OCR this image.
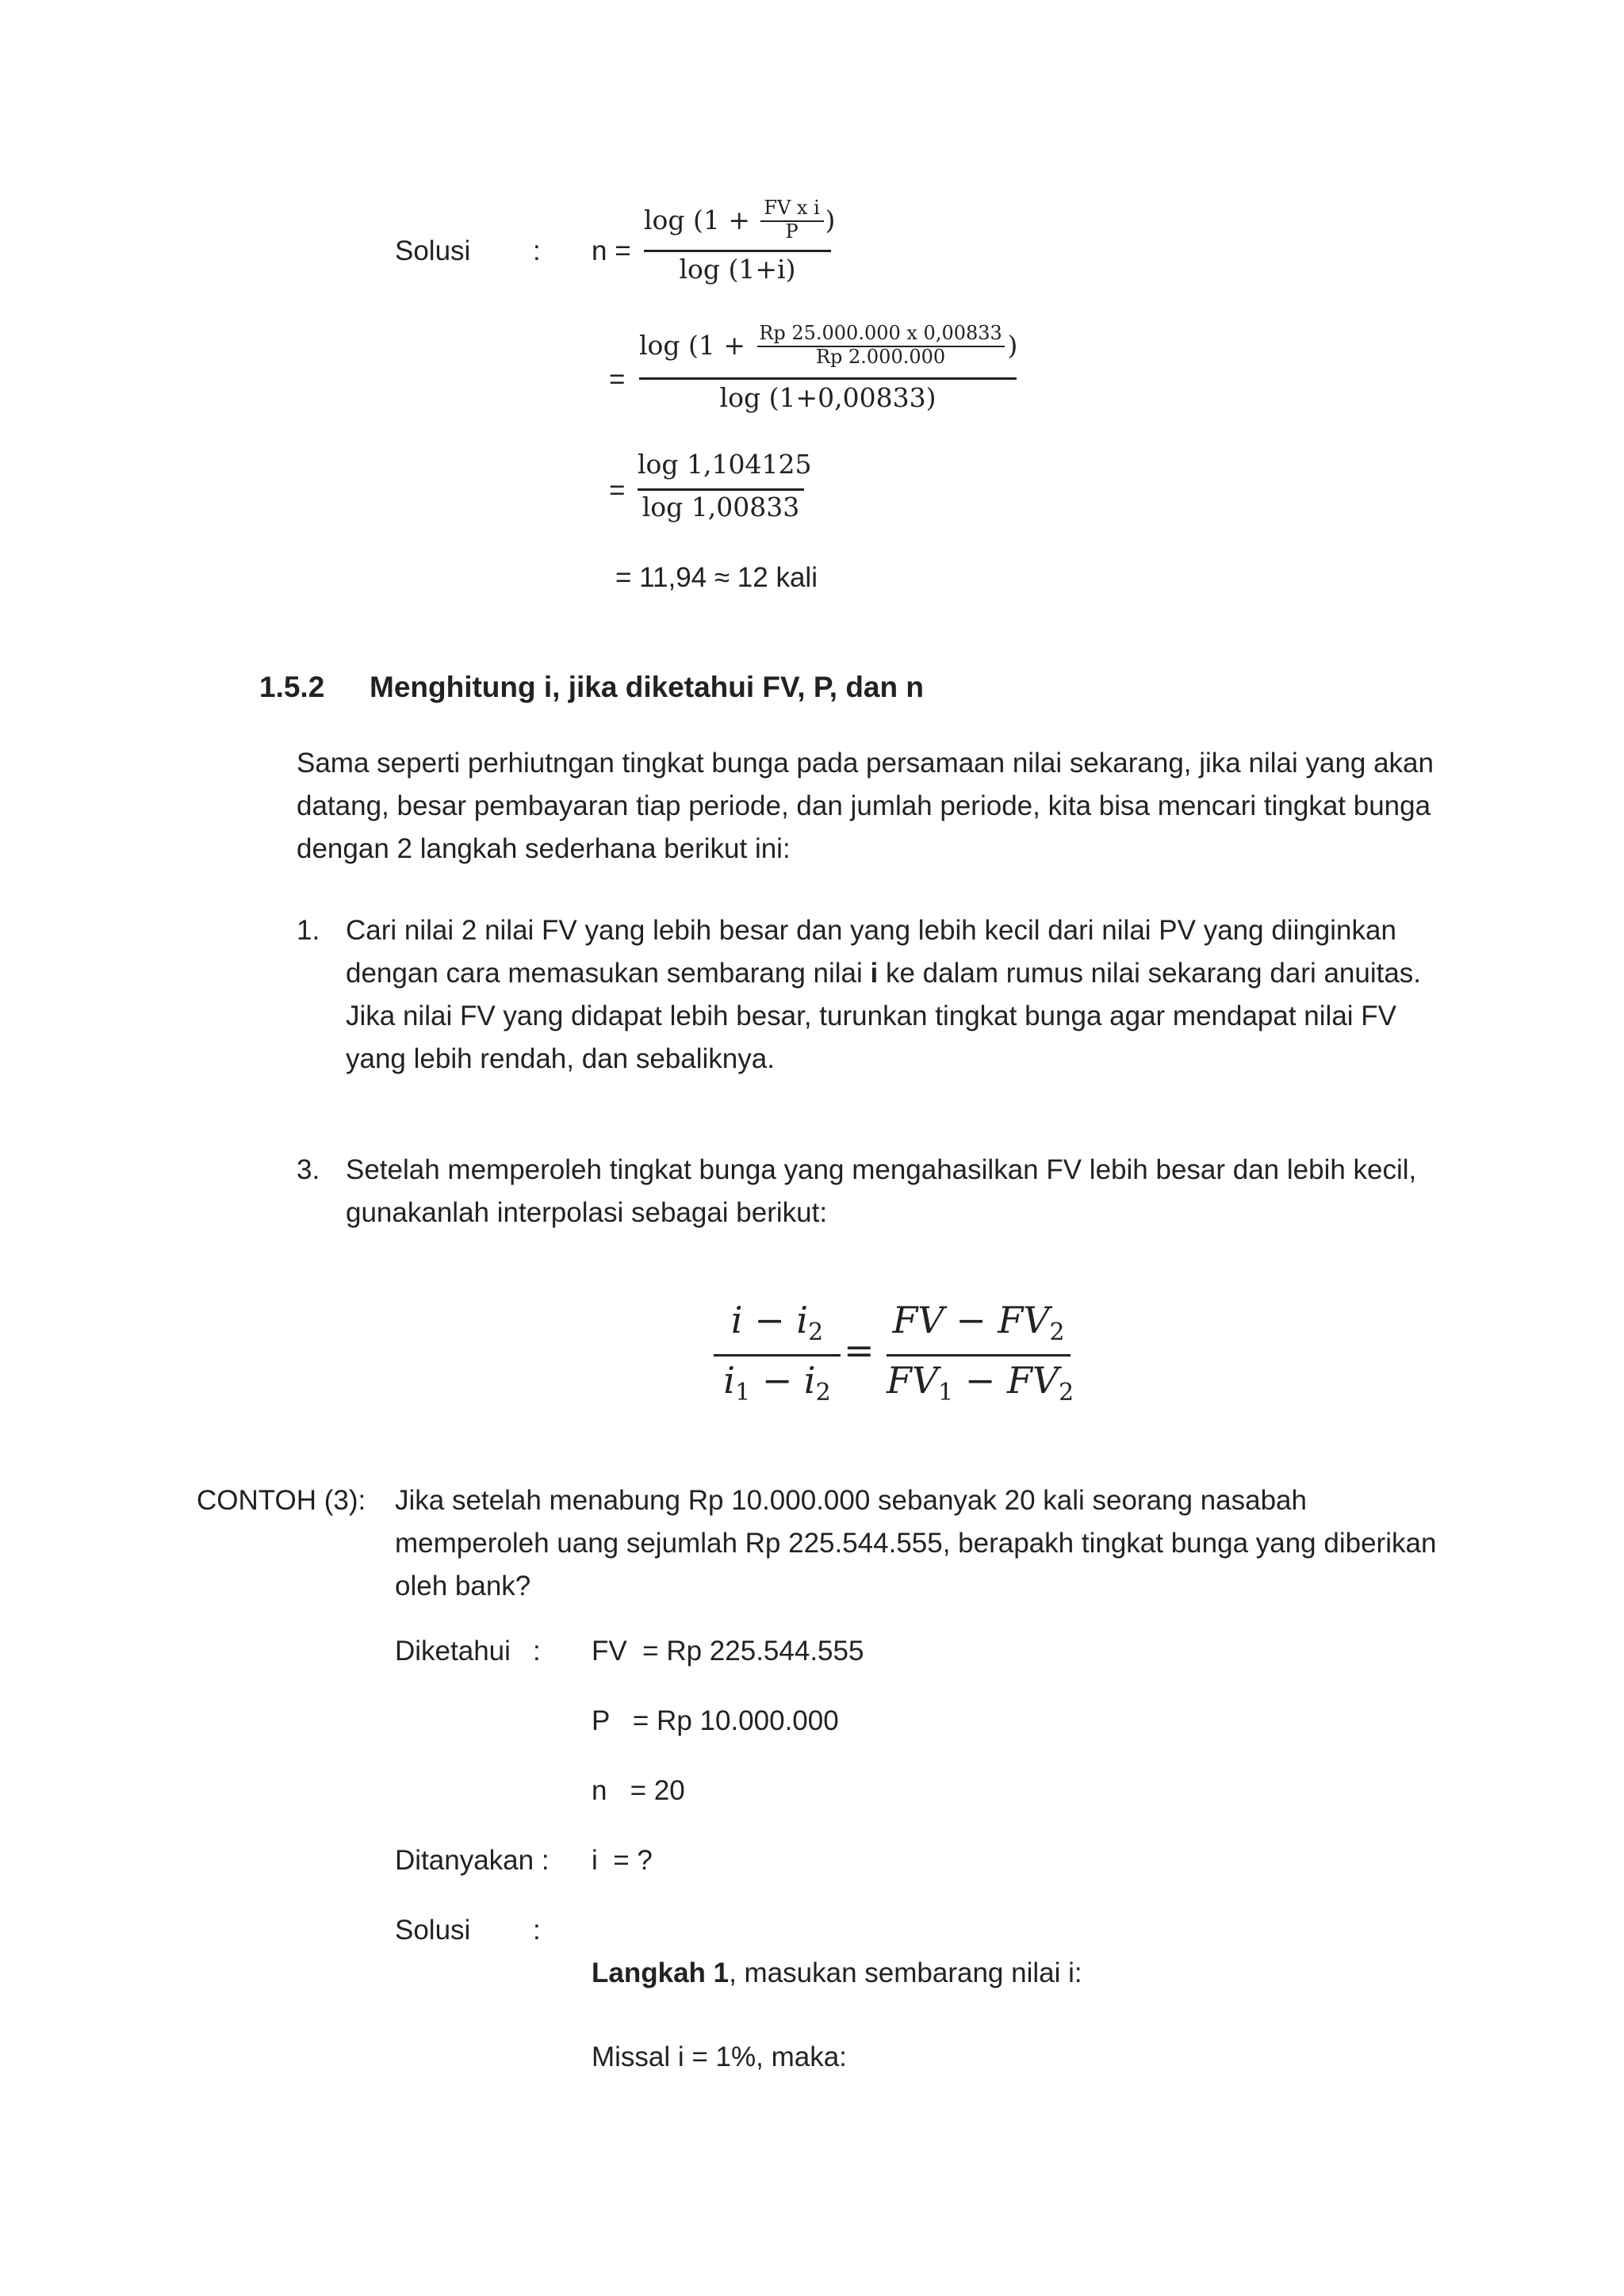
Solusi : n =
$\log (1 + \frac{\text{FV x i}}{P}$ )
log (1+i)
=
$\log (1 + \frac{Rp 25.000.000 x 0,00833}{Rp 2.000.000}$ )
log (1+0,00833)
=
log 1,104125
log 1,00833
= 11,94 ≈ 12 kali
1.5.2 Menghitung i, jika diketahui FV, P, dan n
Sama seperti perhiutngan tingkat bunga pada persamaan nilai sekarang, jika nilai yang akan
datang, besar pembayaran tiap periode, dan jumlah periode, kita bisa mencari tingkat bunga
dengan 2 langkah sederhana berikut ini:
1. Cari nilai 2 nilai FV yang lebih besar dan yang lebih kecil dari nilai PV yang diinginkan
dengan cara memasukan sembarang nilai i ke dalam rumus nilai sekarang dari anuitas.
Jika nilai FV yang didapat lebih besar, turunkan tingkat bunga agar mendapat nilai FV
yang lebih rendah, dan sebaliknya.
3. Setelah memperoleh tingkat bunga yang mengahasilkan FV lebih besar dan lebih kecil,
gunakanlah interpolasi sebagai berikut:
$i - i_2$
$i_1 - i_2$
=
FV − $FV_2$
$FV_1 - FV_2$
CONTOH (3): Jika setelah menabung Rp 10.000.000 sebanyak 20 kali seorang nasabah
memperoleh uang sejumlah Rp 225.544.555, berapakh tingkat bunga yang diberikan
oleh bank?
Diketahui : FV  = Rp 225.544.555
P   = Rp 10.000.000
n   = 20
Ditanyakan : i  = ?
Solusi :
Langkah 1, masukan sembarang nilai i:
Missal i = 1%, maka:
